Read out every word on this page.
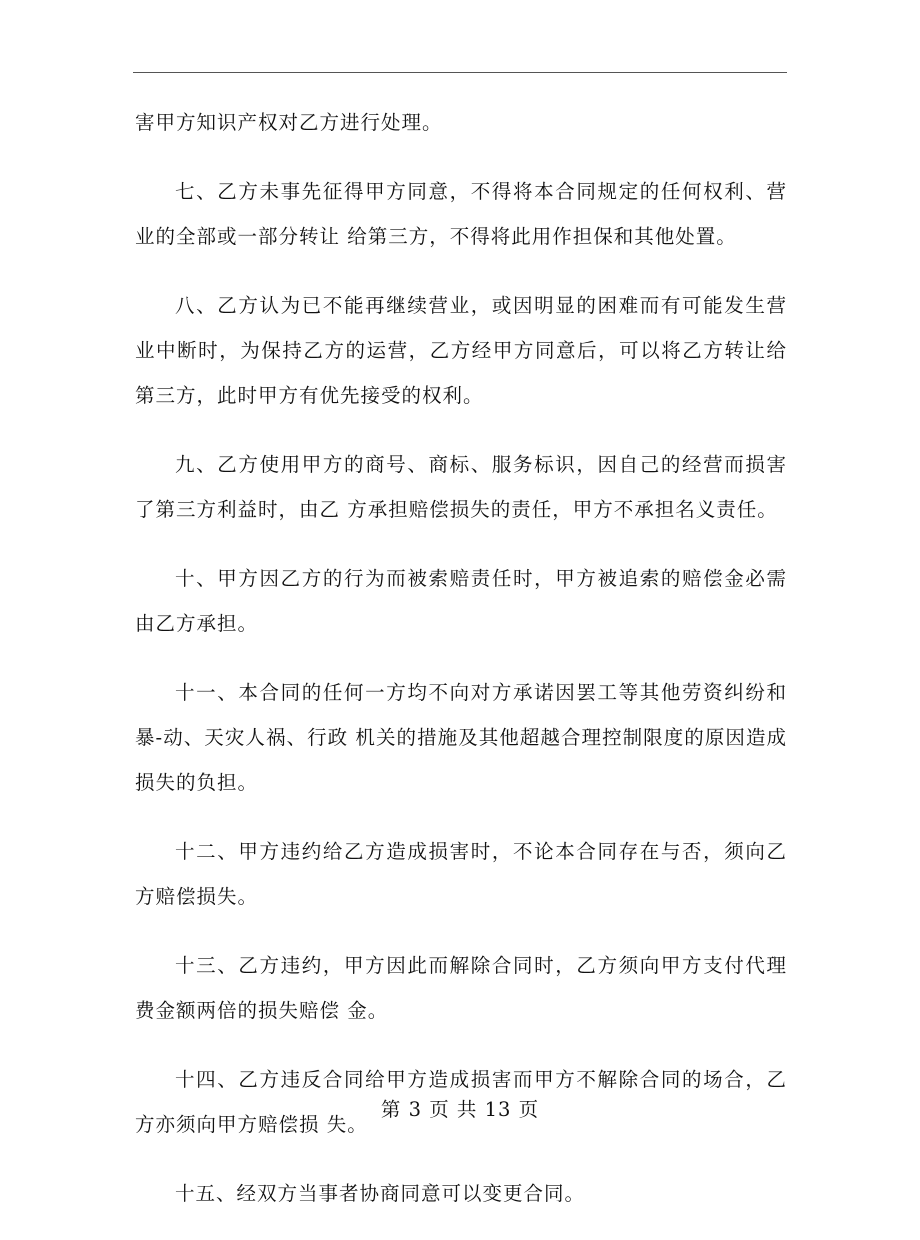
害甲方知识产权对乙方进行处理。

七、乙方未事先征得甲方同意，不得将本合同规定的任何权利、营业的全部或一部分转让 给第三方，不得将此用作担保和其他处置。

八、乙方认为已不能再继续营业，或因明显的困难而有可能发生营业中断时，为保持乙方的运营，乙方经甲方同意后，可以将乙方转让给第三方，此时甲方有优先接受的权利。

九、乙方使用甲方的商号、商标、服务标识，因自己的经营而损害了第三方利益时，由乙 方承担赔偿损失的责任，甲方不承担名义责任。

十、甲方因乙方的行为而被索赔责任时，甲方被追索的赔偿金必需由乙方承担。

十一、本合同的任何一方均不向对方承诺因罢工等其他劳资纠纷和暴-动、天灾人祸、行政 机关的措施及其他超越合理控制限度的原因造成损失的负担。

十二、甲方违约给乙方造成损害时，不论本合同存在与否，须向乙方赔偿损失。

十三、乙方违约，甲方因此而解除合同时，乙方须向甲方支付代理费金额两倍的损失赔偿 金。

十四、乙方违反合同给甲方造成损害而甲方不解除合同的场合，乙方亦须向甲方赔偿损 失。

十五、经双方当事者协商同意可以变更合同。

第 3 页 共 13 页
